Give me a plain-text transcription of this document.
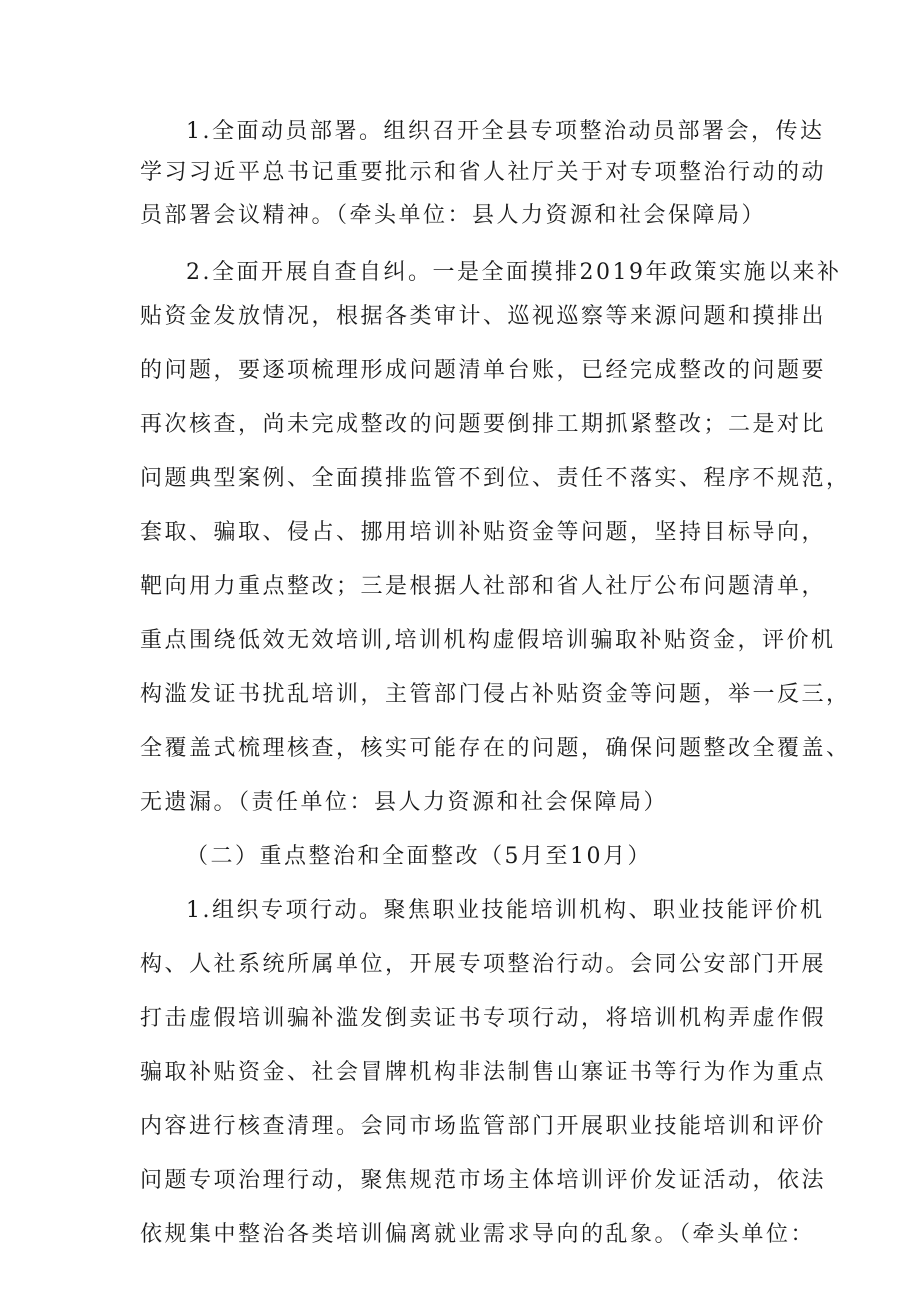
1.全面动员部署。组织召开全县专项整治动员部署会，传达
学习习近平总书记重要批示和省人社厅关于对专项整治行动的动
员部署会议精神。（牵头单位：县人力资源和社会保障局）
2.全面开展自查自纠。一是全面摸排2019年政策实施以来补
贴资金发放情况，根据各类审计、巡视巡察等来源问题和摸排出
的问题，要逐项梳理形成问题清单台账，已经完成整改的问题要
再次核查，尚未完成整改的问题要倒排工期抓紧整改；二是对比
问题典型案例、全面摸排监管不到位、责任不落实、程序不规范，
套取、骗取、侵占、挪用培训补贴资金等问题，坚持目标导向，
靶向用力重点整改；三是根据人社部和省人社厅公布问题清单，
重点围绕低效无效培训,培训机构虚假培训骗取补贴资金，评价机
构滥发证书扰乱培训，主管部门侵占补贴资金等问题，举一反三，
全覆盖式梳理核查，核实可能存在的问题，确保问题整改全覆盖、
无遗漏。（责任单位：县人力资源和社会保障局）
（二）重点整治和全面整改（5月至10月）
1.组织专项行动。聚焦职业技能培训机构、职业技能评价机
构、人社系统所属单位，开展专项整治行动。会同公安部门开展
打击虚假培训骗补滥发倒卖证书专项行动，将培训机构弄虚作假
骗取补贴资金、社会冒牌机构非法制售山寨证书等行为作为重点
内容进行核查清理。会同市场监管部门开展职业技能培训和评价
问题专项治理行动，聚焦规范市场主体培训评价发证活动，依法
依规集中整治各类培训偏离就业需求导向的乱象。（牵头单位：
